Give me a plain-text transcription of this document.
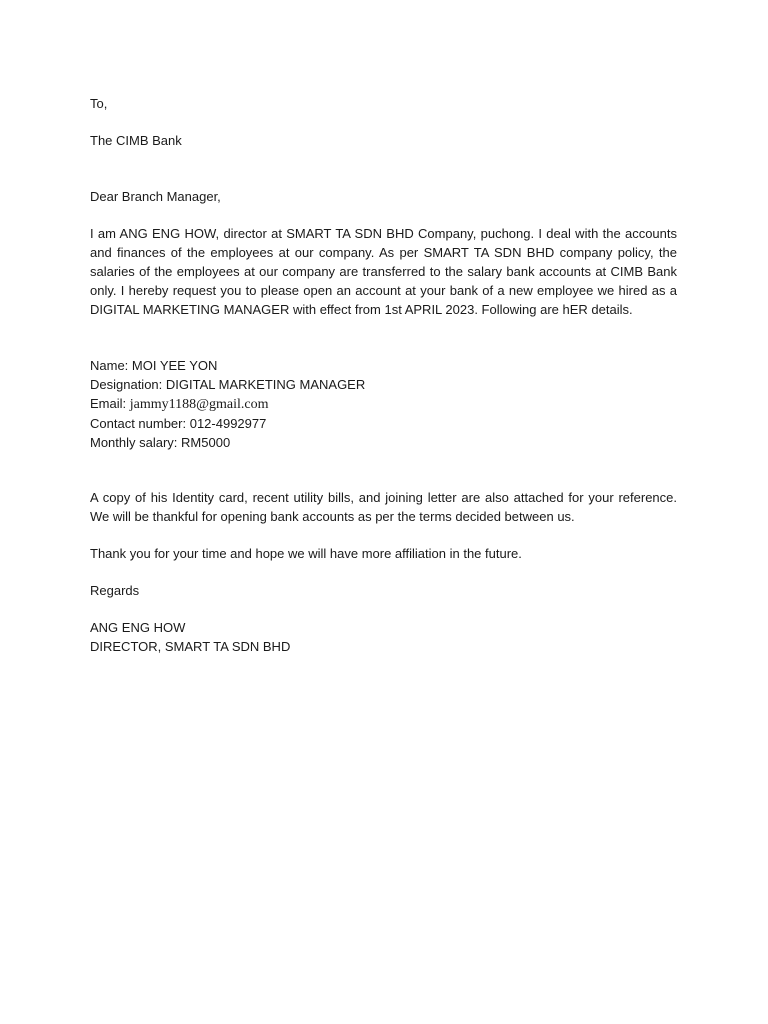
To,

The CIMB Bank

Dear Branch Manager,

I am ANG ENG HOW, director at SMART TA SDN BHD Company, puchong. I deal with the accounts and finances of the employees at our company. As per SMART TA SDN BHD company policy, the salaries of the employees at our company are transferred to the salary bank accounts at CIMB Bank only. I hereby request you to please open an account at your bank of a new employee we hired as a DIGITAL MARKETING MANAGER with effect from 1st APRIL 2023. Following are hER details.

Name: MOI YEE YON
Designation: DIGITAL MARKETING MANAGER
Email: jammy1188@gmail.com
Contact number: 012-4992977
Monthly salary: RM5000

A copy of his Identity card, recent utility bills, and joining letter are also attached for your reference. We will be thankful for opening bank accounts as per the terms decided between us.

Thank you for your time and hope we will have more affiliation in the future.

Regards

ANG ENG HOW
DIRECTOR, SMART TA SDN BHD
